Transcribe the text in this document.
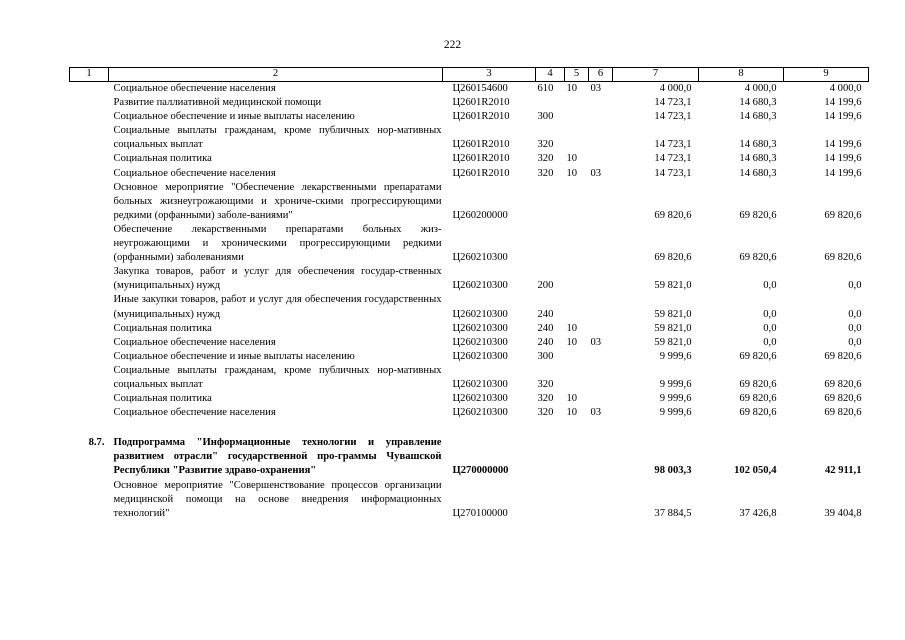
222
1	2	3	4	5	6	7	8	9
	Социальное обеспечение населения	Ц260154600	610	10	03	4 000,0	4 000,0	4 000,0
	Развитие паллиативной медицинской помощи	Ц2601R2010				14 723,1	14 680,3	14 199,6
	Социальное обеспечение и иные выплаты населению	Ц2601R2010	300			14 723,1	14 680,3	14 199,6
	Социальные выплаты гражданам, кроме публичных нор-мативных социальных выплат	Ц2601R2010	320			14 723,1	14 680,3	14 199,6
	Социальная политика	Ц2601R2010	320	10		14 723,1	14 680,3	14 199,6
	Социальное обеспечение населения	Ц2601R2010	320	10	03	14 723,1	14 680,3	14 199,6
	Основное мероприятие "Обеспечение лекарственными препаратами больных жизнеугрожающими и хрониче-скими прогрессирующими редкими (орфанными) заболе-ваниями"	Ц260200000				69 820,6	69 820,6	69 820,6
	Обеспечение лекарственными препаратами больных жиз-неугрожающими и хроническими прогрессирующими редкими (орфанными) заболеваниями	Ц260210300				69 820,6	69 820,6	69 820,6
	Закупка товаров, работ и услуг для обеспечения государ-ственных (муниципальных) нужд	Ц260210300	200			59 821,0	0,0	0,0
	Иные закупки товаров, работ и услуг для обеспечения государственных (муниципальных) нужд	Ц260210300	240			59 821,0	0,0	0,0
	Социальная политика	Ц260210300	240	10		59 821,0	0,0	0,0
	Социальное обеспечение населения	Ц260210300	240	10	03	59 821,0	0,0	0,0
	Социальное обеспечение и иные выплаты населению	Ц260210300	300			9 999,6	69 820,6	69 820,6
	Социальные выплаты гражданам, кроме публичных нор-мативных социальных выплат	Ц260210300	320			9 999,6	69 820,6	69 820,6
	Социальная политика	Ц260210300	320	10		9 999,6	69 820,6	69 820,6
	Социальное обеспечение населения	Ц260210300	320	10	03	9 999,6	69 820,6	69 820,6

8.7.	Подпрограмма "Информационные технологии и управление развитием отрасли" государственной про-граммы Чувашской Республики "Развитие здраво-охранения"	Ц270000000				98 003,3	102 050,4	42 911,1
	Основное мероприятие "Совершенствование процессов организации медицинской помощи на основе внедрения информационных технологий"	Ц270100000				37 884,5	37 426,8	39 404,8
